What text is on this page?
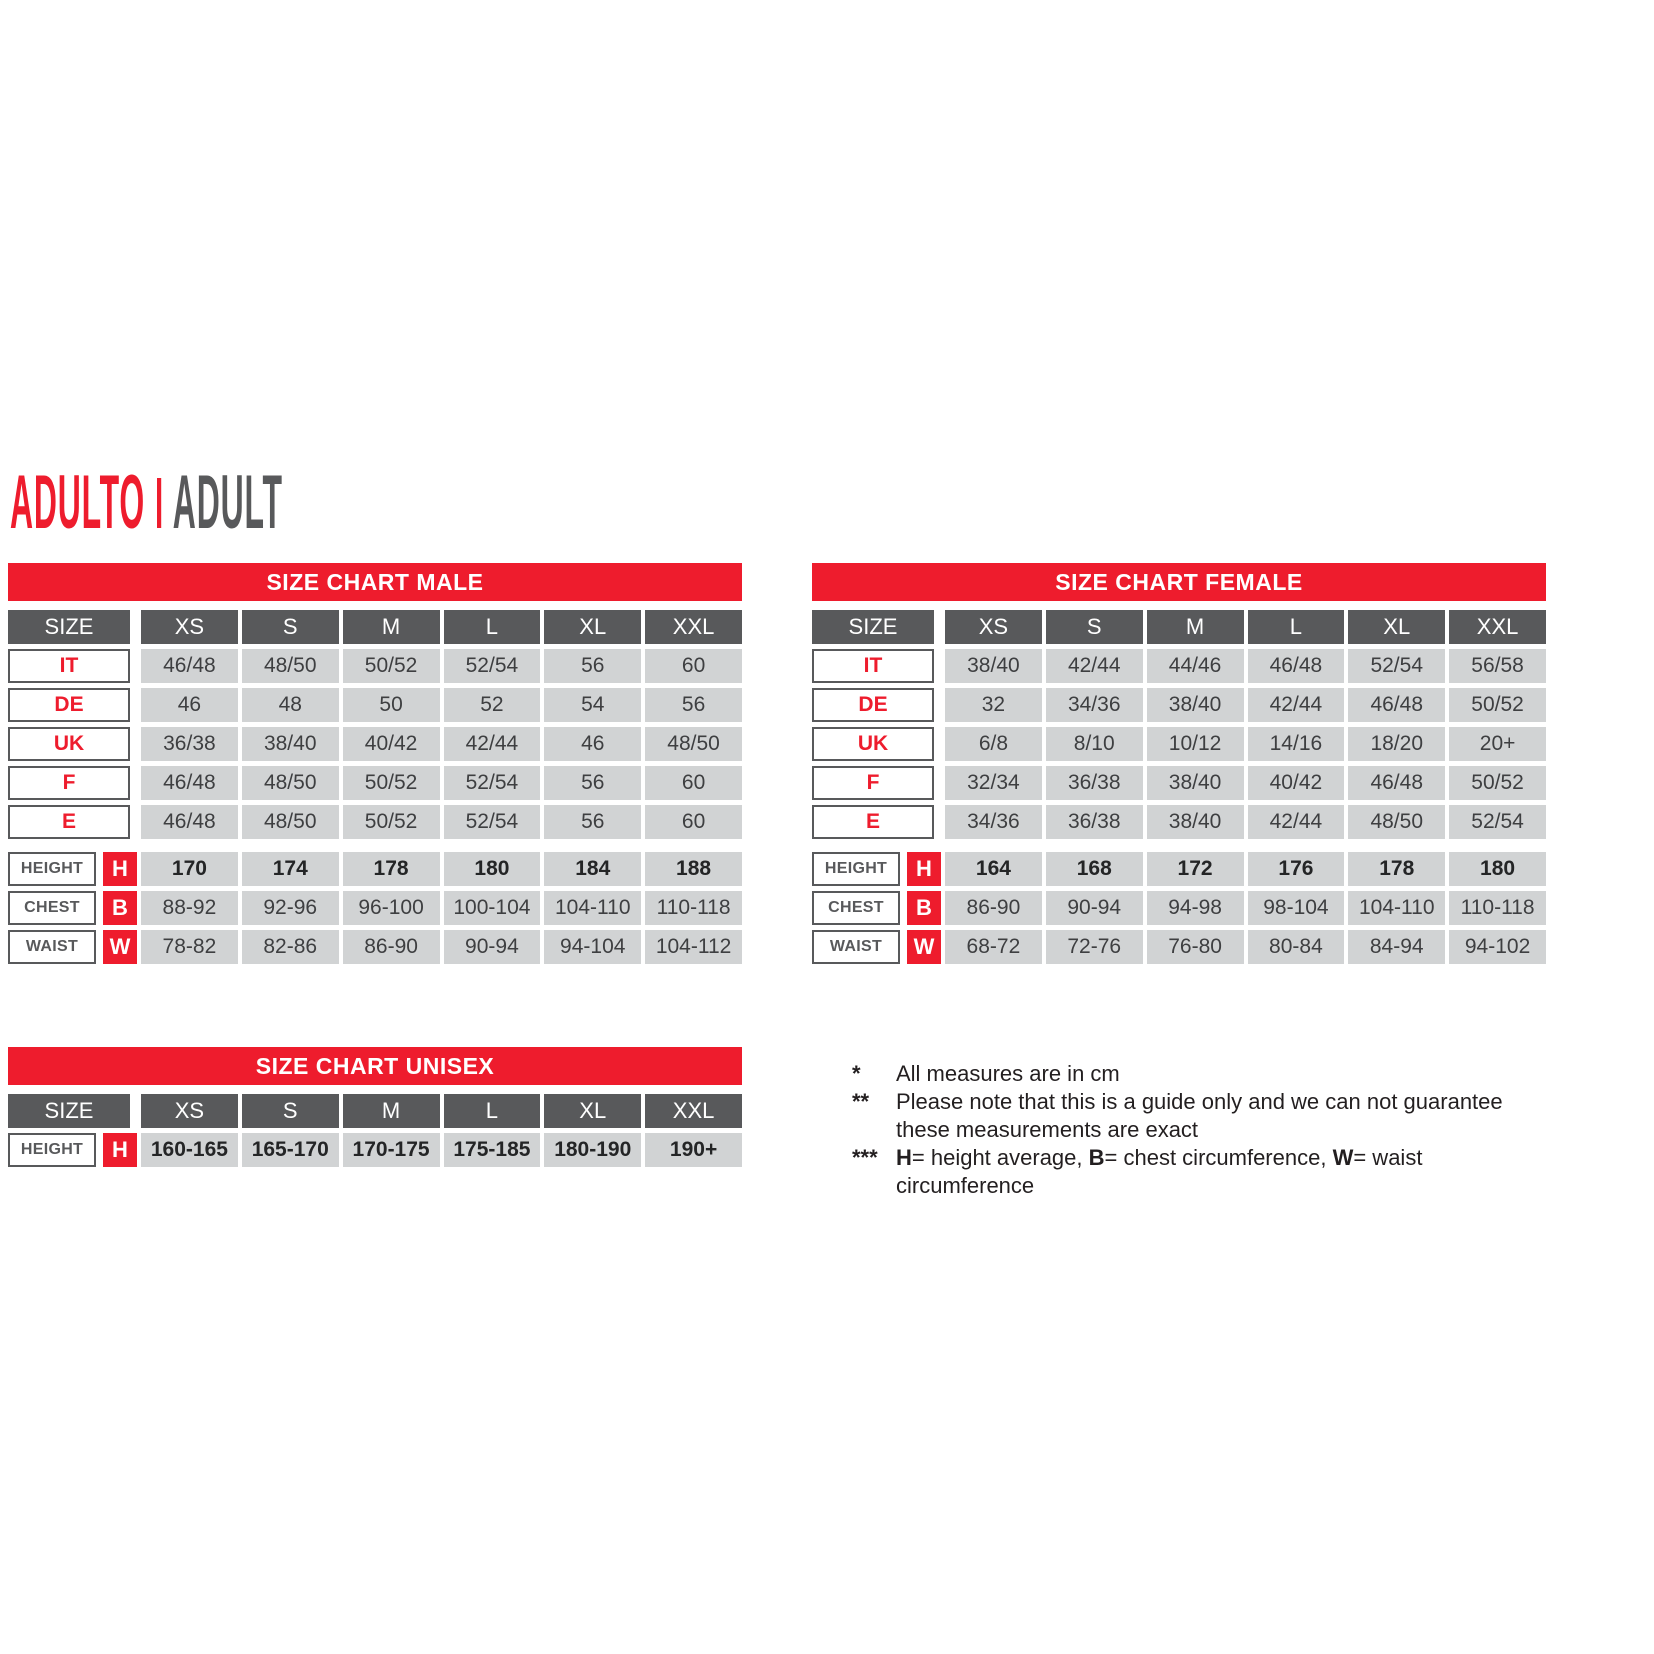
ADULTO ADULT
SIZE CHART MALE
SIZE	XS	S	M	L	XL	XXL
IT	46/48	48/50	50/52	52/54	56	60
DE	46	48	50	52	54	56
UK	36/38	38/40	40/42	42/44	46	48/50
F	46/48	48/50	50/52	52/54	56	60
E	46/48	48/50	50/52	52/54	56	60
HEIGHT	H	170	174	178	180	184	188
CHEST	B	88-92	92-96	96-100	100-104	104-110	110-118
WAIST	W	78-82	82-86	86-90	90-94	94-104	104-112
SIZE CHART FEMALE
SIZE	XS	S	M	L	XL	XXL
IT	38/40	42/44	44/46	46/48	52/54	56/58
DE	32	34/36	38/40	42/44	46/48	50/52
UK	6/8	8/10	10/12	14/16	18/20	20+
F	32/34	36/38	38/40	40/42	46/48	50/52
E	34/36	36/38	38/40	42/44	48/50	52/54
HEIGHT	H	164	168	172	176	178	180
CHEST	B	86-90	90-94	94-98	98-104	104-110	110-118
WAIST	W	68-72	72-76	76-80	80-84	84-94	94-102
SIZE CHART UNISEX
SIZE	XS	S	M	L	XL	XXL
HEIGHT	H	160-165	165-170	170-175	175-185	180-190	190+
*	All measures are in cm
**	Please note that this is a guide only and we can not guarantee these measurements are exact
*** H= height average, B= chest circumference, W= waist circumference
